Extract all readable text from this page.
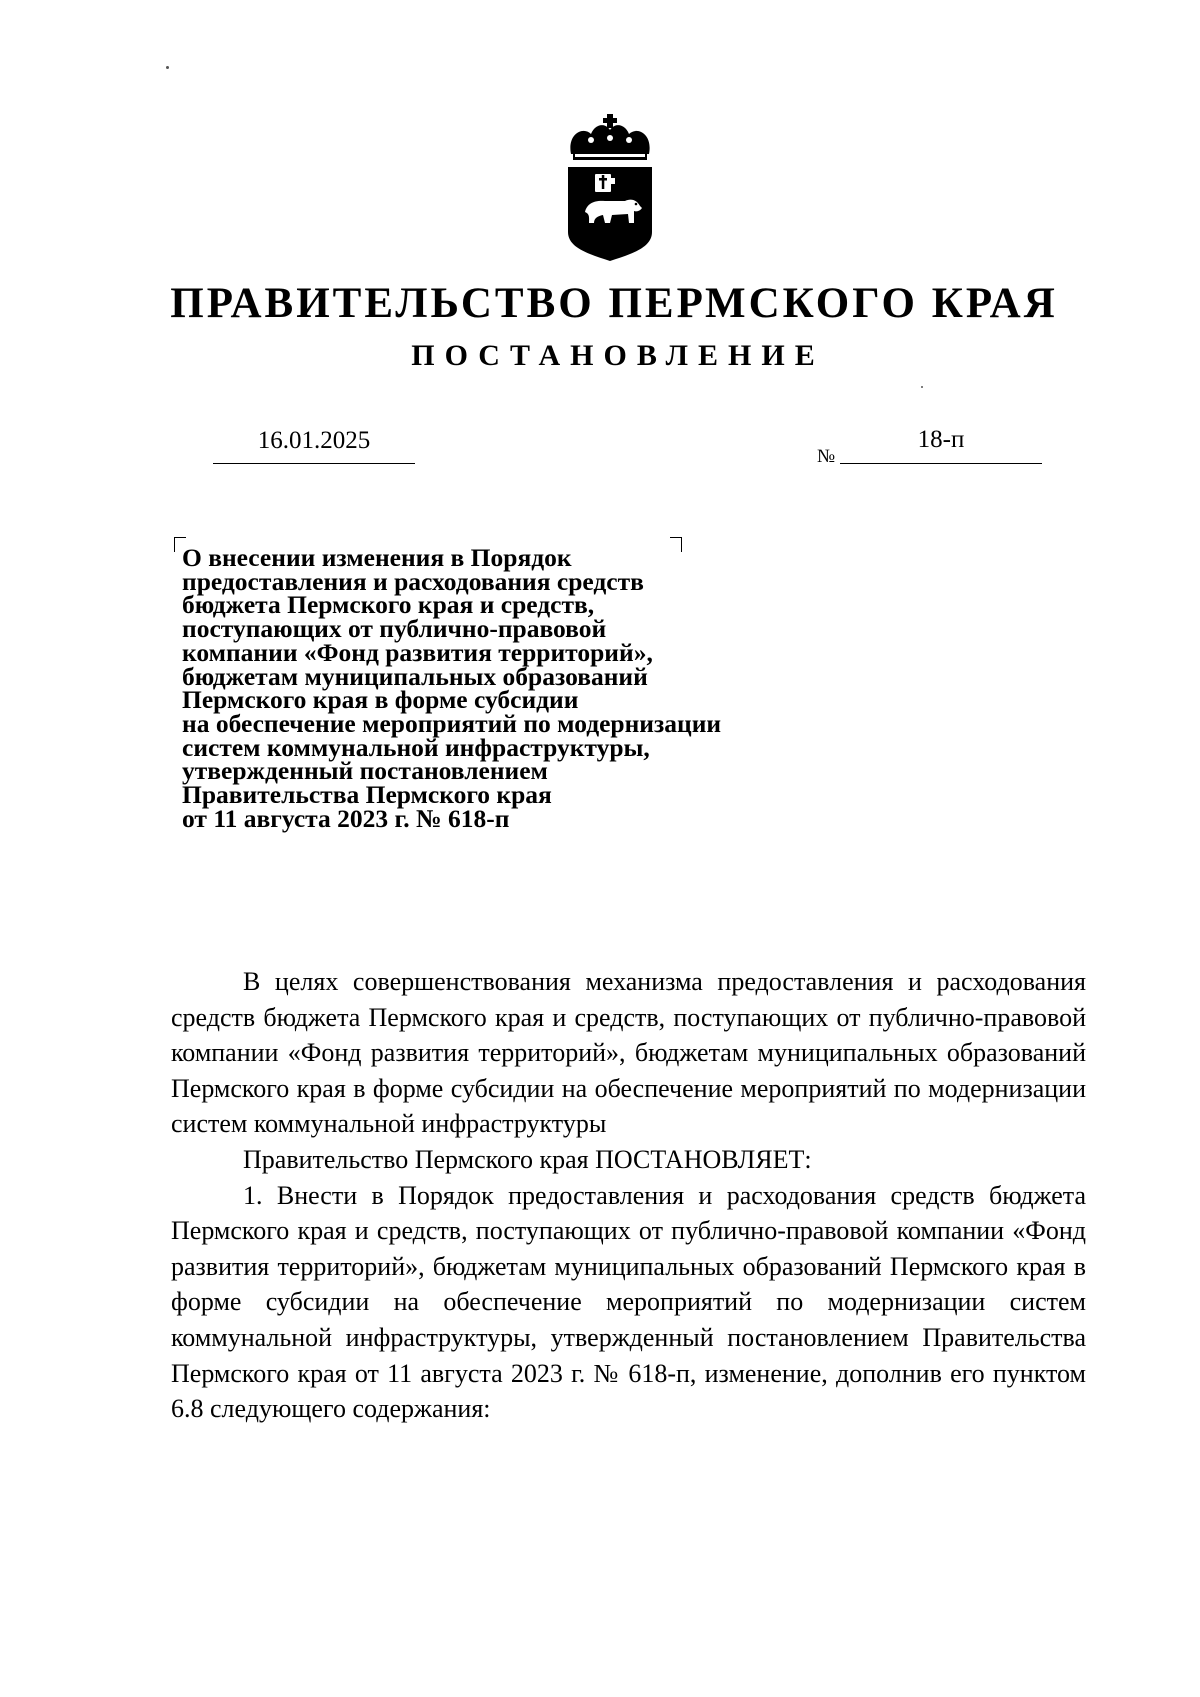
ПРАВИТЕЛЬСТВО ПЕРМСКОГО КРАЯ
ПОСТАНОВЛЕНИЕ
16.01.2025
№
18-п
О внесении изменения в Порядок
предоставления и расходования средств
бюджета Пермского края и средств,
поступающих от публично-правовой
компании «Фонд развития территорий»,
бюджетам муниципальных образований
Пермского края в форме субсидии
на обеспечение мероприятий по модернизации
систем коммунальной инфраструктуры,
утвержденный постановлением
Правительства Пермского края
от 11 августа 2023 г. № 618-п

В целях совершенствования механизма предоставления и расходования средств бюджета Пермского края и средств, поступающих от публично-правовой компании «Фонд развития территорий», бюджетам муниципальных образований Пермского края в форме субсидии на обеспечение мероприятий по модернизации систем коммунальной инфраструктуры

Правительство Пермского края ПОСТАНОВЛЯЕТ:

1. Внести в Порядок предоставления и расходования средств бюджета Пермского края и средств, поступающих от публично-правовой компании «Фонд развития территорий», бюджетам муниципальных образований Пермского края в форме субсидии на обеспечение мероприятий по модернизации систем коммунальной инфраструктуры, утвержденный постановлением Правительства Пермского края от 11 августа 2023 г. № 618-п, изменение, дополнив его пунктом 6.8 следующего содержания:
